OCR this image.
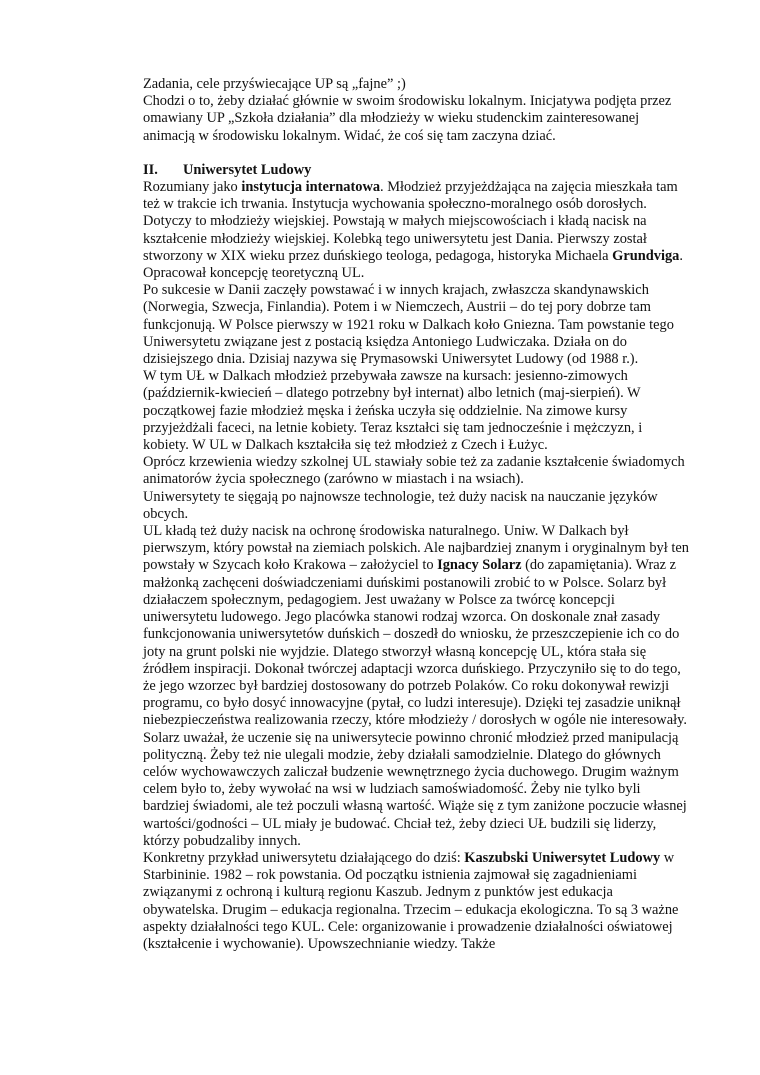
Zadania, cele przyświecające UP są „fajne” ;)

Chodzi o to, żeby działać głównie w swoim środowisku lokalnym. Inicjatywa podjęta przez omawiany UP „Szkoła działania” dla młodzieży w wieku studenckim zainteresowanej animacją w środowisku lokalnym. Widać, że coś się tam zaczyna dziać.

II. Uniwersytet Ludowy

Rozumiany jako instytucja internatowa. Młodzież przyjeżdżająca na zajęcia mieszkała tam też w trakcie ich trwania. Instytucja wychowania społeczno-moralnego osób dorosłych. Dotyczy to młodzieży wiejskiej. Powstają w małych miejscowościach i kładą nacisk na kształcenie młodzieży wiejskiej. Kolebką tego uniwersytetu jest Dania. Pierwszy został stworzony w XIX wieku przez duńskiego teologa, pedagoga, historyka Michaela Grundviga. Opracował koncepcję teoretyczną UL.

Po sukcesie w Danii zaczęły powstawać i w innych krajach, zwłaszcza skandynawskich (Norwegia, Szwecja, Finlandia). Potem i w Niemczech, Austrii – do tej pory dobrze tam funkcjonują. W Polsce pierwszy w 1921 roku w Dalkach koło Gniezna. Tam powstanie tego Uniwersytetu związane jest z postacią księdza Antoniego Ludwiczaka. Działa on do dzisiejszego dnia. Dzisiaj nazywa się Prymasowski Uniwersytet Ludowy (od 1988 r.).

W tym UŁ w Dalkach młodzież przebywała zawsze na kursach: jesienno-zimowych (październik-kwiecień – dlatego potrzebny był internat) albo letnich (maj-sierpień). W początkowej fazie młodzież męska i żeńska uczyła się oddzielnie. Na zimowe kursy przyjeżdżali faceci, na letnie kobiety. Teraz kształci się tam jednocześnie i mężczyzn, i kobiety. W UL w Dalkach kształciła się też młodzież z Czech i Łużyc.

Oprócz krzewienia wiedzy szkolnej UL stawiały sobie też za zadanie kształcenie świadomych animatorów życia społecznego (zarówno w miastach i na wsiach).

Uniwersytety te sięgają po najnowsze technologie, też duży nacisk na nauczanie języków obcych.

UL kładą też duży nacisk na ochronę środowiska naturalnego. Uniw. W Dalkach był pierwszym, który powstał na ziemiach polskich. Ale najbardziej znanym i oryginalnym był ten powstały w Szycach koło Krakowa – założyciel to Ignacy Solarz (do zapamiętania). Wraz z małżonką zachęceni doświadczeniami duńskimi postanowili zrobić to w Polsce. Solarz był działaczem społecznym, pedagogiem. Jest uważany w Polsce za twórcę koncepcji uniwersytetu ludowego. Jego placówka stanowi rodzaj wzorca. On doskonale znał zasady funkcjonowania uniwersytetów duńskich – doszedł do wniosku, że przeszczepienie ich co do joty na grunt polski nie wyjdzie. Dlatego stworzył własną koncepcję UL, która stała się źródłem inspiracji. Dokonał twórczej adaptacji wzorca duńskiego. Przyczyniło się to do tego, że jego wzorzec był bardziej dostosowany do potrzeb Polaków. Co roku dokonywał rewizji programu, co było dosyć innowacyjne (pytał, co ludzi interesuje). Dzięki tej zasadzie uniknął niebezpieczeństwa realizowania rzeczy, które młodzieży / dorosłych w ogóle nie interesowały. Solarz uważał, że uczenie się na uniwersytecie powinno chronić młodzież przed manipulacją polityczną. Żeby też nie ulegali modzie, żeby działali samodzielnie. Dlatego do głównych celów wychowawczych zaliczał budzenie wewnętrznego życia duchowego. Drugim ważnym celem było to, żeby wywołać na wsi w ludziach samoświadomość. Żeby nie tylko byli bardziej świadomi, ale też poczuli własną wartość. Wiąże się z tym zaniżone poczucie własnej wartości/godności – UL miały je budować. Chciał też, żeby dzieci UŁ budzili się liderzy, którzy pobudzaliby innych.

Konkretny przykład uniwersytetu działającego do dziś: Kaszubski Uniwersytet Ludowy w Starbininie. 1982 – rok powstania. Od początku istnienia zajmował się zagadnieniami związanymi z ochroną i kulturą regionu Kaszub. Jednym z punktów jest edukacja obywatelska. Drugim – edukacja regionalna. Trzecim – edukacja ekologiczna. To są 3 ważne aspekty działalności tego KUL. Cele: organizowanie i prowadzenie działalności oświatowej (kształcenie i wychowanie). Upowszechnianie wiedzy. Także
